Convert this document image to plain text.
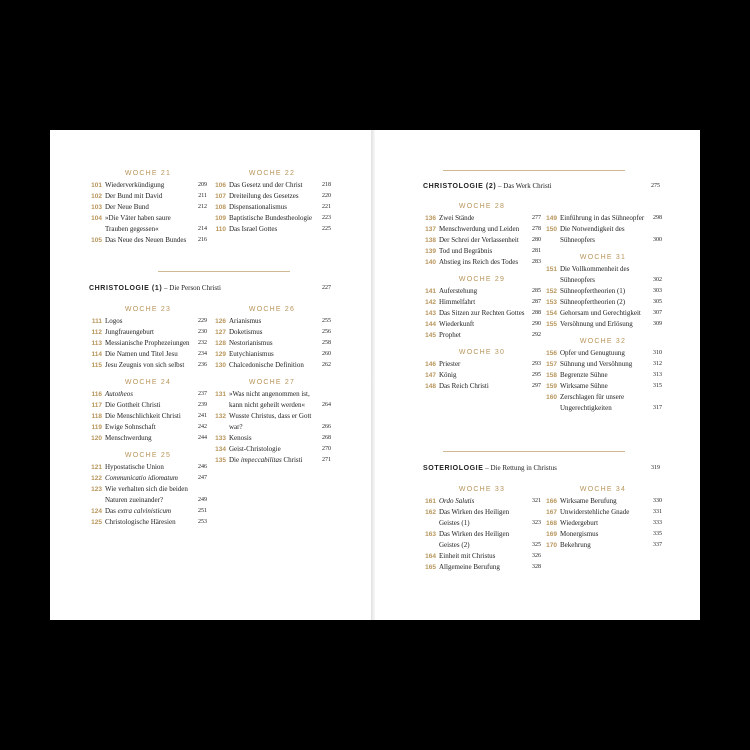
WOCHE 21
101 Wiederverkündigung	209
102 Der Bund mit David	211
103 Der Neue Bund	212
104 »Die Väter haben saure Trauben gegessen«	214
105 Das Neue des Neuen Bundes	216
WOCHE 22
106 Das Gesetz und der Christ	218
107 Dreiteilung des Gesetzes	220
108 Dispensationalismus	221
109 Baptistische Bundestheologie	223
110 Das Israel Gottes	225
CHRISTOLOGIE (1) – Die Person Christi	227
WOCHE 23
111 Logos	229
112 Jungfrauengeburt	230
113 Messianische Prophezeiungen	232
114 Die Namen und Titel Jesu	234
115 Jesu Zeugnis von sich selbst	236
WOCHE 24
116 Autotheos	237
117 Die Gottheit Christi	239
118 Die Menschlichkeit Christi	241
119 Ewige Sohnschaft	242
120 Menschwerdung	244
WOCHE 25
121 Hypostatische Union	246
122 Communicatio idiomatum	247
123 Wie verhalten sich die beiden Naturen zueinander?	249
124 Das extra calvinisticum	251
125 Christologische Häresien	253
WOCHE 26
126 Arianismus	255
127 Doketismus	256
128 Nestorianismus	258
129 Eutychianismus	260
130 Chalcedonische Definition	262
WOCHE 27
131 »Was nicht angenommen ist, kann nicht geheilt werden«	264
132 Wusste Christus, dass er Gott war?	266
133 Kenosis	268
134 Geist-Christologie	270
135 Die impeccabilitas Christi	271
CHRISTOLOGIE (2) – Das Werk Christi	275
WOCHE 28
136 Zwei Stände	277
137 Menschwerdung und Leiden	278
138 Der Schrei der Verlassenheit	280
139 Tod und Begräbnis	281
140 Abstieg ins Reich des Todes	283
WOCHE 29
141 Auferstehung	285
142 Himmelfahrt	287
143 Das Sitzen zur Rechten Gottes 288
144 Wiederkunft	290
145 Prophet	292
WOCHE 30
146 Priester	293
147 König	295
148 Das Reich Christi	297
149 Einführung in das Sühneopfer	298
150 Die Notwendigkeit des Sühneopfers	300
WOCHE 31
151 Die Vollkommenheit des Sühneopfers	302
152 Sühneopfertheorien (1)	303
153 Sühneopfertheorien (2)	305
154 Gehorsam und Gerechtigkeit	307
155 Versöhnung und Erlösung	309
WOCHE 32
156 Opfer und Genugtuung	310
157 Sühnung und Versöhnung	312
158 Begrenzte Sühne	313
159 Wirksame Sühne	315
160 Zerschlagen für unsere Ungerechtigkeiten	317
SOTERIOLOGIE – Die Rettung in Christus	319
WOCHE 33
161 Ordo Salutis	321
162 Das Wirken des Heiligen Geistes (1)	323
163 Das Wirken des Heiligen Geistes (2)	325
164 Einheit mit Christus	326
165 Allgemeine Berufung	328
WOCHE 34
166 Wirksame Berufung	330
167 Unwiderstehliche Gnade	331
168 Wiedergeburt	333
169 Monergismus	335
170 Bekehrung	337
